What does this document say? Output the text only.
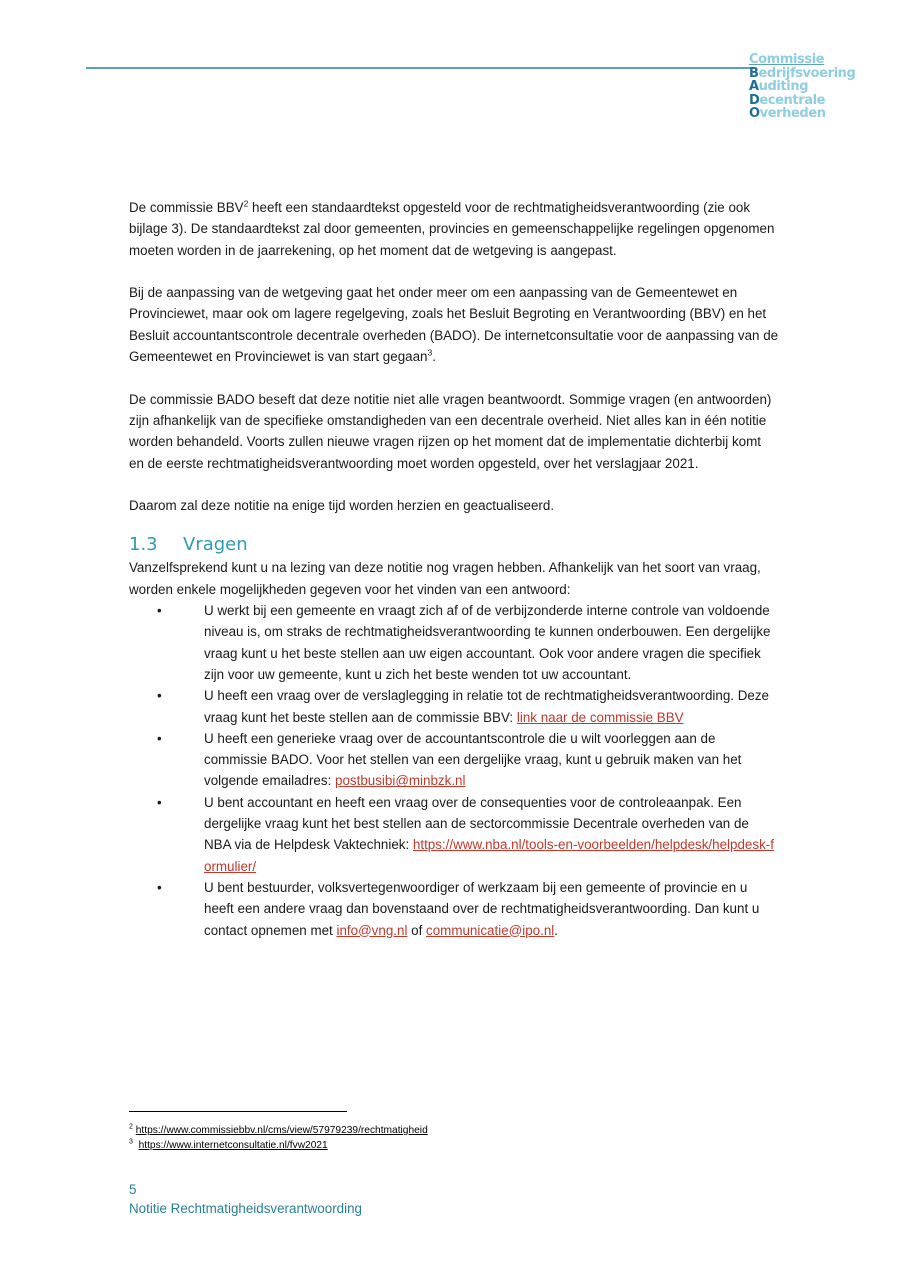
Commissie
Bedrijfsvoering
Auditing
Decentrale
Overheden

De commissie BBV$^2$ heeft een standaardtekst opgesteld voor de rechtmatigheidsverantwoording (zie ook bijlage 3). De standaardtekst zal door gemeenten, provincies en gemeenschappelijke regelingen opgenomen moeten worden in de jaarrekening, op het moment dat de wetgeving is aangepast.

Bij de aanpassing van de wetgeving gaat het onder meer om een aanpassing van de Gemeentewet en Provinciewet, maar ook om lagere regelgeving, zoals het Besluit Begroting en Verantwoording (BBV) en het Besluit accountantscontrole decentrale overheden (BADO). De internetconsultatie voor de aanpassing van de Gemeentewet en Provinciewet is van start gegaan$^3$.

De commissie BADO beseft dat deze notitie niet alle vragen beantwoordt. Sommige vragen (en antwoorden) zijn afhankelijk van de specifieke omstandigheden van een decentrale overheid. Niet alles kan in één notitie worden behandeld. Voorts zullen nieuwe vragen rijzen op het moment dat de implementatie dichterbij komt en de eerste rechtmatigheidsverantwoording moet worden opgesteld, over het verslagjaar 2021.

Daarom zal deze notitie na enige tijd worden herzien en geactualiseerd.

1.3 Vragen

Vanzelfsprekend kunt u na lezing van deze notitie nog vragen hebben. Afhankelijk van het soort van vraag, worden enkele mogelijkheden gegeven voor het vinden van een antwoord:

•	U werkt bij een gemeente en vraagt zich af of de verbijzonderde interne controle van voldoende niveau is, om straks de rechtmatigheidsverantwoording te kunnen onderbouwen. Een dergelijke vraag kunt u het beste stellen aan uw eigen accountant. Ook voor andere vragen die specifiek zijn voor uw gemeente, kunt u zich het beste wenden tot uw accountant.
•	U heeft een vraag over de verslaglegging in relatie tot de rechtmatigheidsverantwoording. Deze vraag kunt het beste stellen aan de commissie BBV: link naar de commissie BBV
•	U heeft een generieke vraag over de accountantscontrole die u wilt voorleggen aan de commissie BADO. Voor het stellen van een dergelijke vraag, kunt u gebruik maken van het volgende emailadres: postbusibi@minbzk.nl
•	U bent accountant en heeft een vraag over de consequenties voor de controleaanpak. Een dergelijke vraag kunt het best stellen aan de sectorcommissie Decentrale overheden van de NBA via de Helpdesk Vaktechniek: https://www.nba.nl/tools-en-voorbeelden/helpdesk/helpdesk-formulier/
•	U bent bestuurder, volksvertegenwoordiger of werkzaam bij een gemeente of provincie en u heeft een andere vraag dan bovenstaand over de rechtmatigheidsverantwoording. Dan kunt u contact opnemen met info@vng.nl of communicatie@ipo.nl.
$^2$ https://www.commissiebbv.nl/cms/view/57979239/rechtmatigheid
$^3$ https://www.internetconsultatie.nl/fvw2021
5
Notitie Rechtmatigheidsverantwoording
